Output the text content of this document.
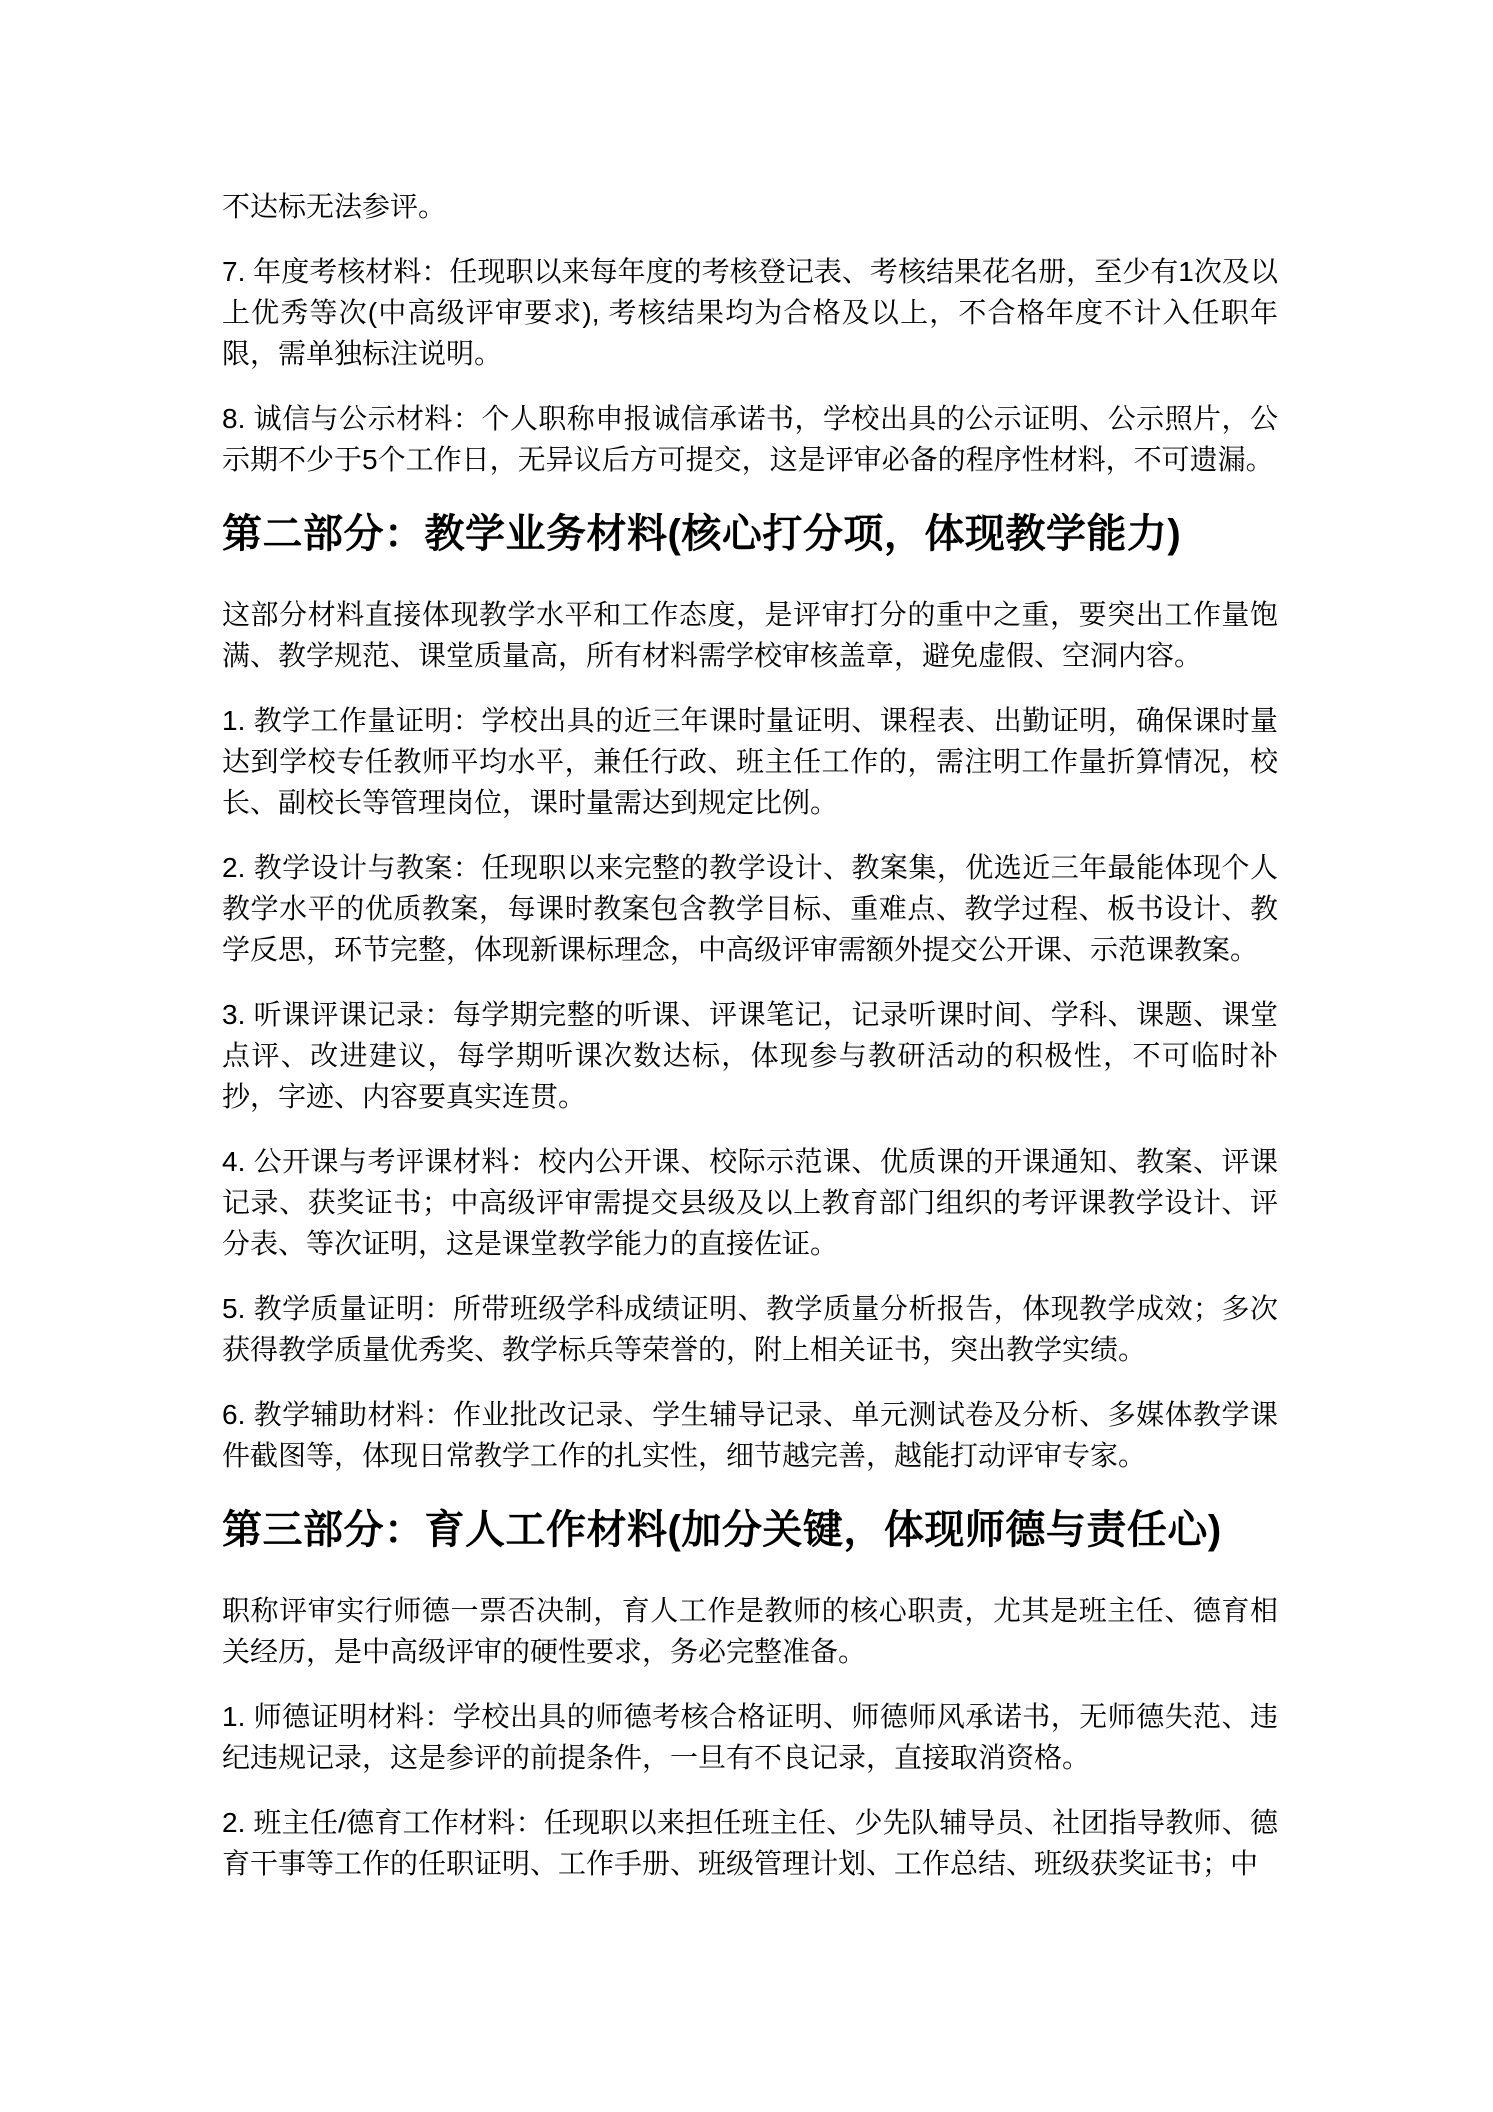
不达标无法参评。

7. 年度考核材料：任现职以来每年度的考核登记表、考核结果花名册，至少有1次及以上优秀等次(中高级评审要求), 考核结果均为合格及以上，不合格年度不计入任职年限，需单独标注说明。

8. 诚信与公示材料：个人职称申报诚信承诺书，学校出具的公示证明、公示照片，公示期不少于5个工作日，无异议后方可提交，这是评审必备的程序性材料，不可遗漏。

第二部分：教学业务材料(核心打分项，体现教学能力)

这部分材料直接体现教学水平和工作态度，是评审打分的重中之重，要突出工作量饱满、教学规范、课堂质量高，所有材料需学校审核盖章，避免虚假、空洞内容。

1. 教学工作量证明：学校出具的近三年课时量证明、课程表、出勤证明，确保课时量达到学校专任教师平均水平，兼任行政、班主任工作的，需注明工作量折算情况，校长、副校长等管理岗位，课时量需达到规定比例。

2. 教学设计与教案：任现职以来完整的教学设计、教案集，优选近三年最能体现个人教学水平的优质教案，每课时教案包含教学目标、重难点、教学过程、板书设计、教学反思，环节完整，体现新课标理念，中高级评审需额外提交公开课、示范课教案。

3. 听课评课记录：每学期完整的听课、评课笔记，记录听课时间、学科、课题、课堂点评、改进建议，每学期听课次数达标，体现参与教研活动的积极性，不可临时补抄，字迹、内容要真实连贯。

4. 公开课与考评课材料：校内公开课、校际示范课、优质课的开课通知、教案、评课记录、获奖证书；中高级评审需提交县级及以上教育部门组织的考评课教学设计、评分表、等次证明，这是课堂教学能力的直接佐证。

5. 教学质量证明：所带班级学科成绩证明、教学质量分析报告，体现教学成效；多次获得教学质量优秀奖、教学标兵等荣誉的，附上相关证书，突出教学实绩。

6. 教学辅助材料：作业批改记录、学生辅导记录、单元测试卷及分析、多媒体教学课件截图等，体现日常教学工作的扎实性，细节越完善，越能打动评审专家。

第三部分：育人工作材料(加分关键，体现师德与责任心)

职称评审实行师德一票否决制，育人工作是教师的核心职责，尤其是班主任、德育相关经历，是中高级评审的硬性要求，务必完整准备。

1. 师德证明材料：学校出具的师德考核合格证明、师德师风承诺书，无师德失范、违纪违规记录，这是参评的前提条件，一旦有不良记录，直接取消资格。

2. 班主任/德育工作材料：任现职以来担任班主任、少先队辅导员、社团指导教师、德育干事等工作的任职证明、工作手册、班级管理计划、工作总结、班级获奖证书；中
